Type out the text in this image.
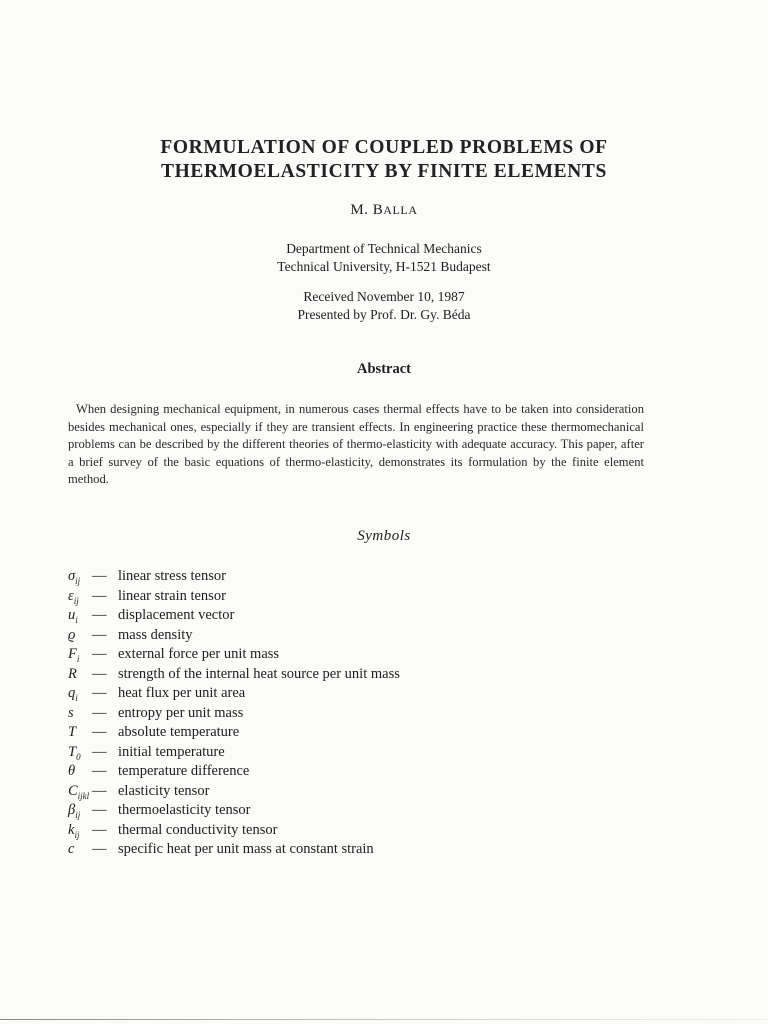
FORMULATION OF COUPLED PROBLEMS OF
THERMOELASTICITY BY FINITE ELEMENTS
M. BALLA
Department of Technical Mechanics
Technical University, H-1521 Budapest
Received November 10, 1987
Presented by Prof. Dr. Gy. Béda
Abstract
When designing mechanical equipment, in numerous cases thermal effects have to be taken into consideration besides mechanical ones, especially if they are transient effects. In engineering practice these thermomechanical problems can be described by the different theories of thermo-elasticity with adequate accuracy. This paper, after a brief survey of the basic equations of thermo-elasticity, demonstrates its formulation by the finite element method.
Symbols
$\sigma_{ij}$ — linear stress tensor
$\varepsilon_{ij}$ — linear strain tensor
$u_i$ — displacement vector
ϱ	— mass density
$F_i$ — external force per unit mass
R	— strength of the internal heat source per unit mass
$q_i$ — heat flux per unit area
s	— entropy per unit mass
T	— absolute temperature
$T_0$ — initial temperature
θ	— temperature difference
$C_{ijkl}$ — elasticity tensor
$\beta_{ij}$ — thermoelasticity tensor
$k_{ij}$ — thermal conductivity tensor
c	— specific heat per unit mass at constant strain
